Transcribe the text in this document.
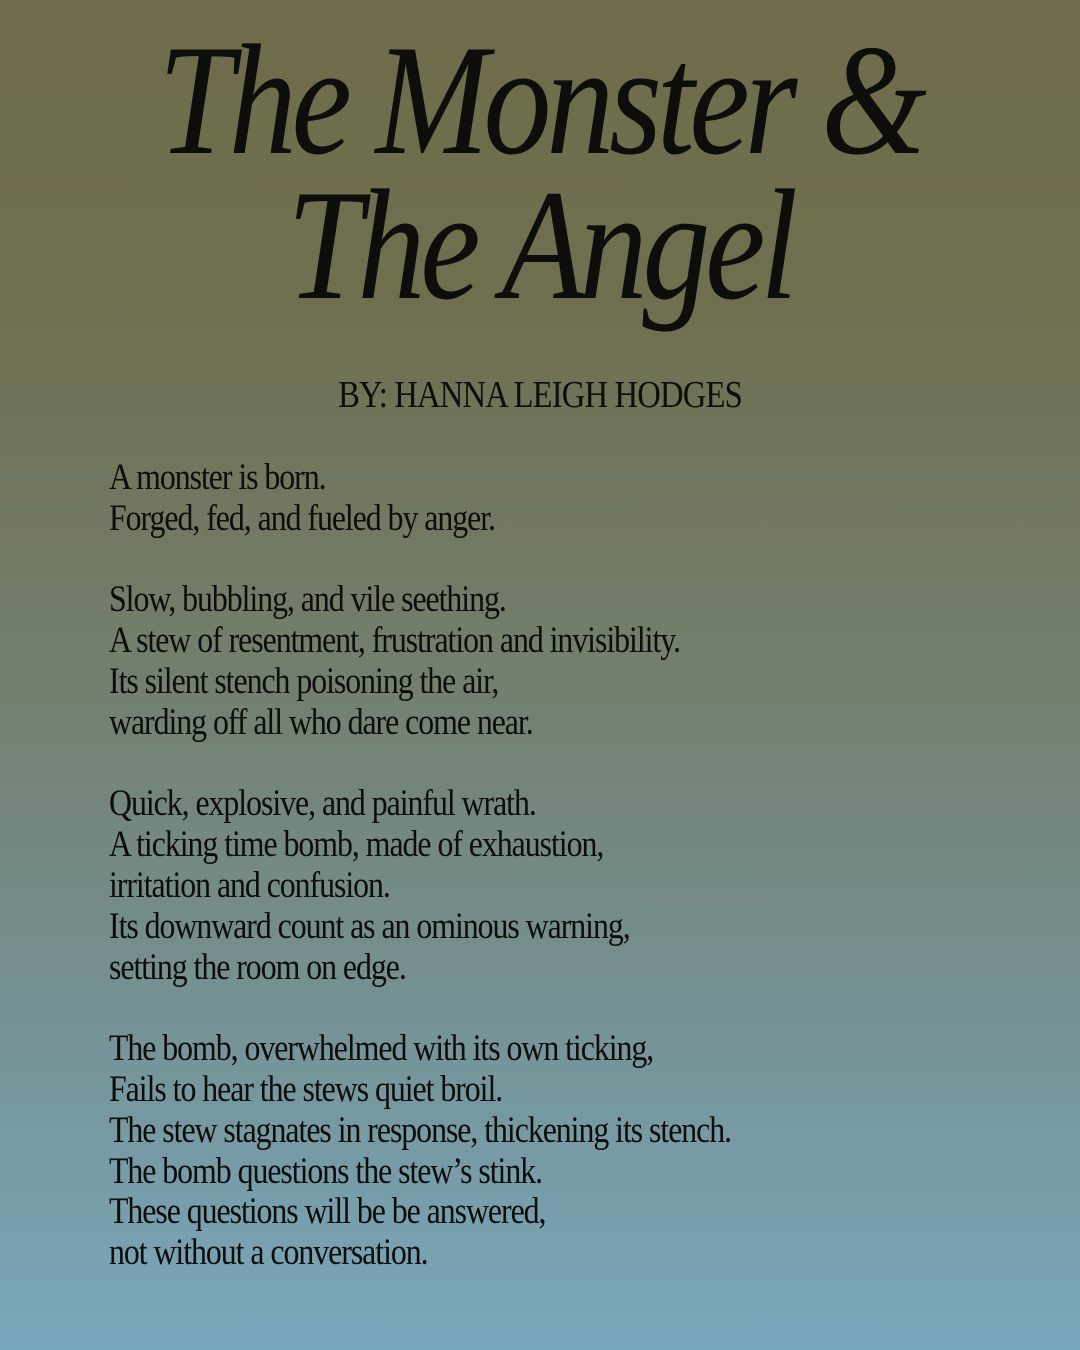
The Monster &
The Angel
BY: HANNA LEIGH HODGES
A monster is born.
Forged, fed, and fueled by anger.
Slow, bubbling, and vile seething.
A stew of resentment, frustration and invisibility.
Its silent stench poisoning the air,
warding off all who dare come near.
Quick, explosive, and painful wrath.
A ticking time bomb, made of exhaustion,
irritation and confusion.
Its downward count as an ominous warning,
setting the room on edge.
The bomb, overwhelmed with its own ticking,
Fails to hear the stews quiet broil.
The stew stagnates in response, thickening its stench.
The bomb questions the stew’s stink.
These questions will be be answered,
not without a conversation.
